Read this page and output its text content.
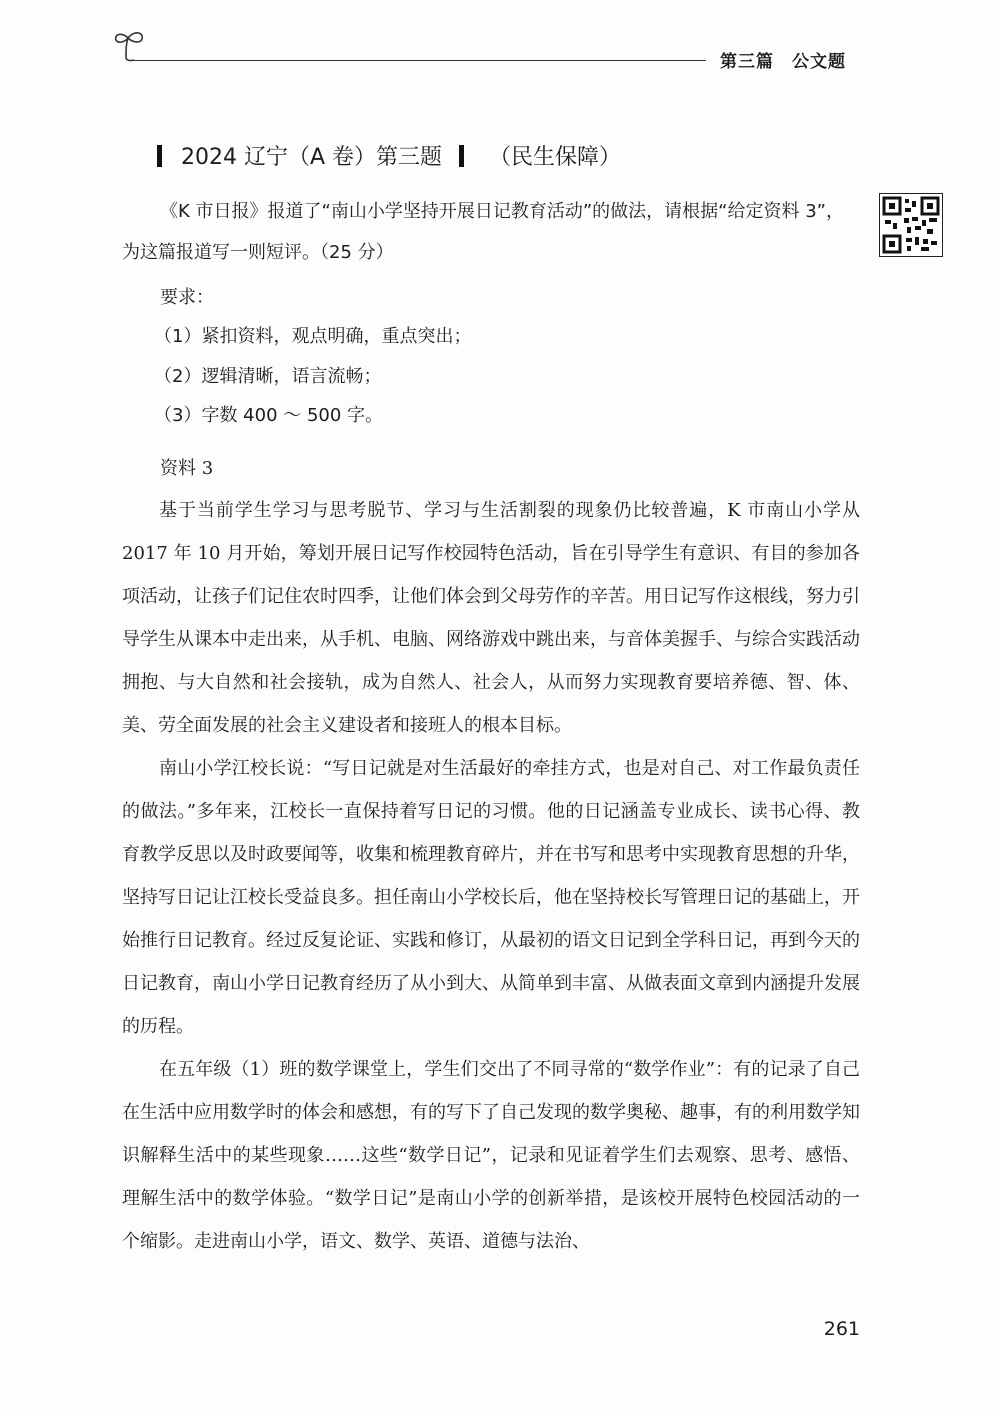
第三篇　公文题
2024 辽宁（A 卷）第三题 （民生保障）
《K 市日报》报道了“南山小学坚持开展日记教育活动”的做法，请根据“给定资料 3”，
为这篇报道写一则短评。（25 分）
要求：
（1）紧扣资料，观点明确，重点突出；
（2）逻辑清晰，语言流畅；
（3）字数 400 ～ 500 字。
资料 3

基于当前学生学习与思考脱节、学习与生活割裂的现象仍比较普遍，K 市南山小学从 2017 年 10 月开始，筹划开展日记写作校园特色活动，旨在引导学生有意识、有目的参加各项活动，让孩子们记住农时四季，让他们体会到父母劳作的辛苦。用日记写作这根线，努力引导学生从课本中走出来，从手机、电脑、网络游戏中跳出来，与音体美握手、与综合实践活动拥抱、与大自然和社会接轨，成为自然人、社会人，从而努力实现教育要培养德、智、体、美、劳全面发展的社会主义建设者和接班人的根本目标。

南山小学江校长说：“写日记就是对生活最好的牵挂方式，也是对自己、对工作最负责任的做法。”多年来，江校长一直保持着写日记的习惯。他的日记涵盖专业成长、读书心得、教育教学反思以及时政要闻等，收集和梳理教育碎片，并在书写和思考中实现教育思想的升华，坚持写日记让江校长受益良多。担任南山小学校长后，他在坚持校长写管理日记的基础上，开始推行日记教育。经过反复论证、实践和修订，从最初的语文日记到全学科日记，再到今天的日记教育，南山小学日记教育经历了从小到大、从简单到丰富、从做表面文章到内涵提升发展的历程。

在五年级（1）班的数学课堂上，学生们交出了不同寻常的“数学作业”：有的记录了自己在生活中应用数学时的体会和感想，有的写下了自己发现的数学奥秘、趣事，有的利用数学知识解释生活中的某些现象……这些“数学日记”，记录和见证着学生们去观察、思考、感悟、理解生活中的数学体验。“数学日记”是南山小学的创新举措，是该校开展特色校园活动的一个缩影。走进南山小学，语文、数学、英语、道德与法治、

261
